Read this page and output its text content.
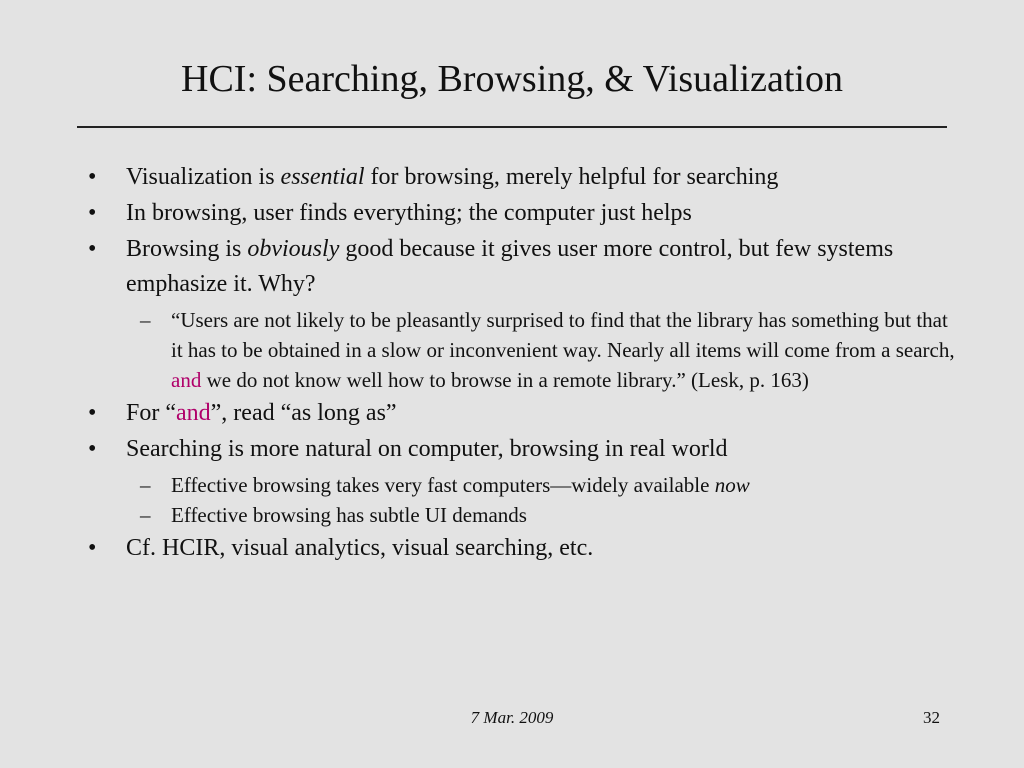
HCI: Searching, Browsing, & Visualization
• Visualization is essential for browsing, merely helpful for searching
• In browsing, user finds everything; the computer just helps
• Browsing is obviously good because it gives user more control, but few systems emphasize it. Why?
– “Users are not likely to be pleasantly surprised to find that the library has something but that it has to be obtained in a slow or inconvenient way. Nearly all items will come from a search, and we do not know well how to browse in a remote library.” (Lesk, p. 163)
• For “and”, read “as long as”
• Searching is more natural on computer, browsing in real world
– Effective browsing takes very fast computers—widely available now
– Effective browsing has subtle UI demands
• Cf. HCIR, visual analytics, visual searching, etc.
7 Mar. 2009	32
